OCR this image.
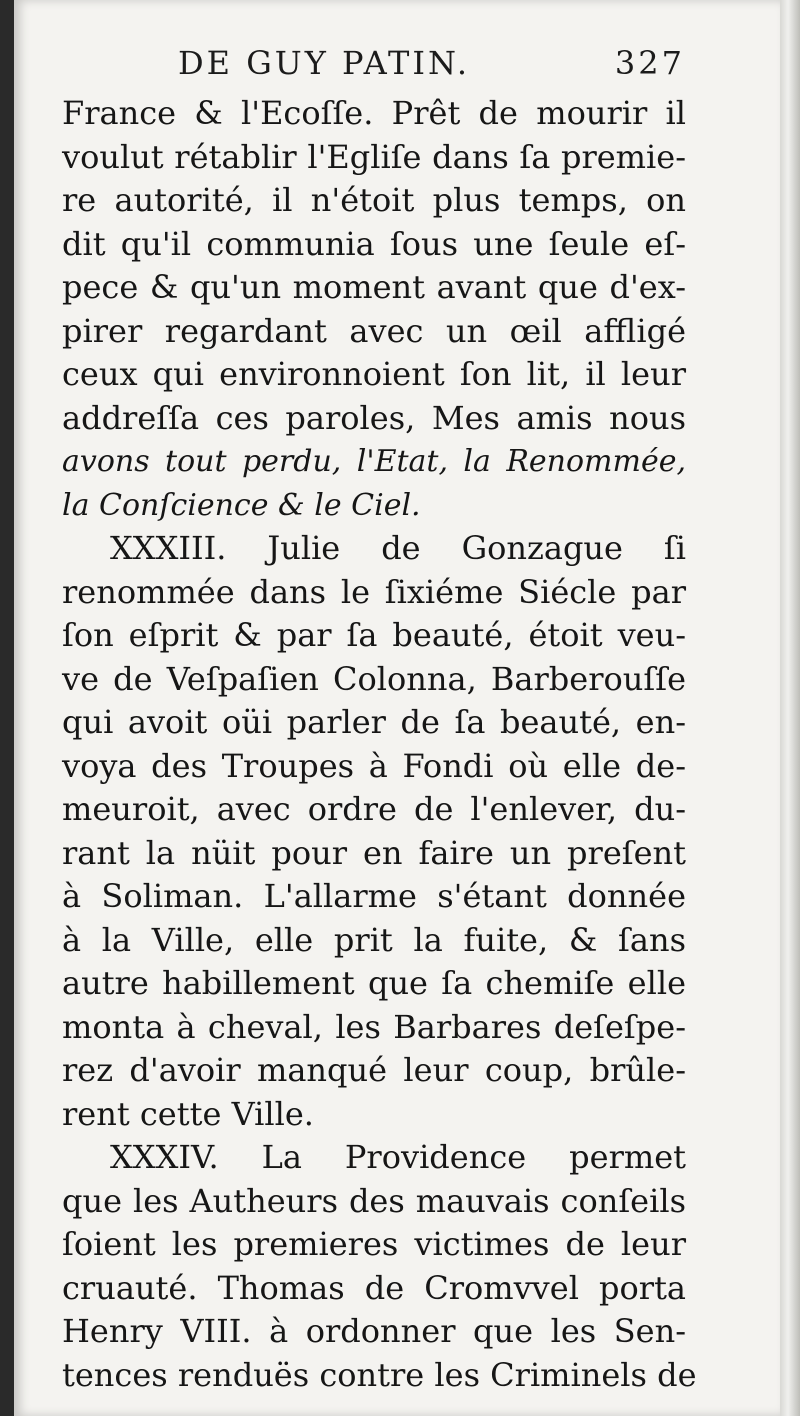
DE GUY PATIN.	327
France & l'Ecoſſe. Prêt de mourir il
voulut rétablir l'Egliſe dans ſa premie-
re autorité, il n'étoit plus temps, on
dit qu'il communia ſous une ſeule eſ-
pece & qu'un moment avant que d'ex-
pirer regardant avec un œil affligé
ceux qui environnoient ſon lit, il leur
addreſſa ces paroles, Mes amis nous
avons tout perdu, l'Etat, la Renommée,
la Conſcience & le Ciel.
XXXIII. Julie de Gonzague ſi
renommée dans le ſixiéme Siécle par
ſon eſprit & par ſa beauté, étoit veu-
ve de Veſpaſien Colonna, Barberouſſe
qui avoit oüi parler de ſa beauté, en-
voya des Troupes à Fondi où elle de-
meuroit, avec ordre de l'enlever, du-
rant la nüit pour en faire un preſent
à Soliman. L'allarme s'étant donnée
à la Ville, elle prit la fuite, & ſans
autre habillement que ſa chemiſe elle
monta à cheval, les Barbares deſeſpe-
rez d'avoir manqué leur coup, brûle-
rent cette Ville.
XXXIV. La Providence permet
que les Autheurs des mauvais conſeils
ſoient les premieres victimes de leur
cruauté. Thomas de Cromvvel porta
Henry VIII. à ordonner que les Sen-
tences renduës contre les Criminels de
